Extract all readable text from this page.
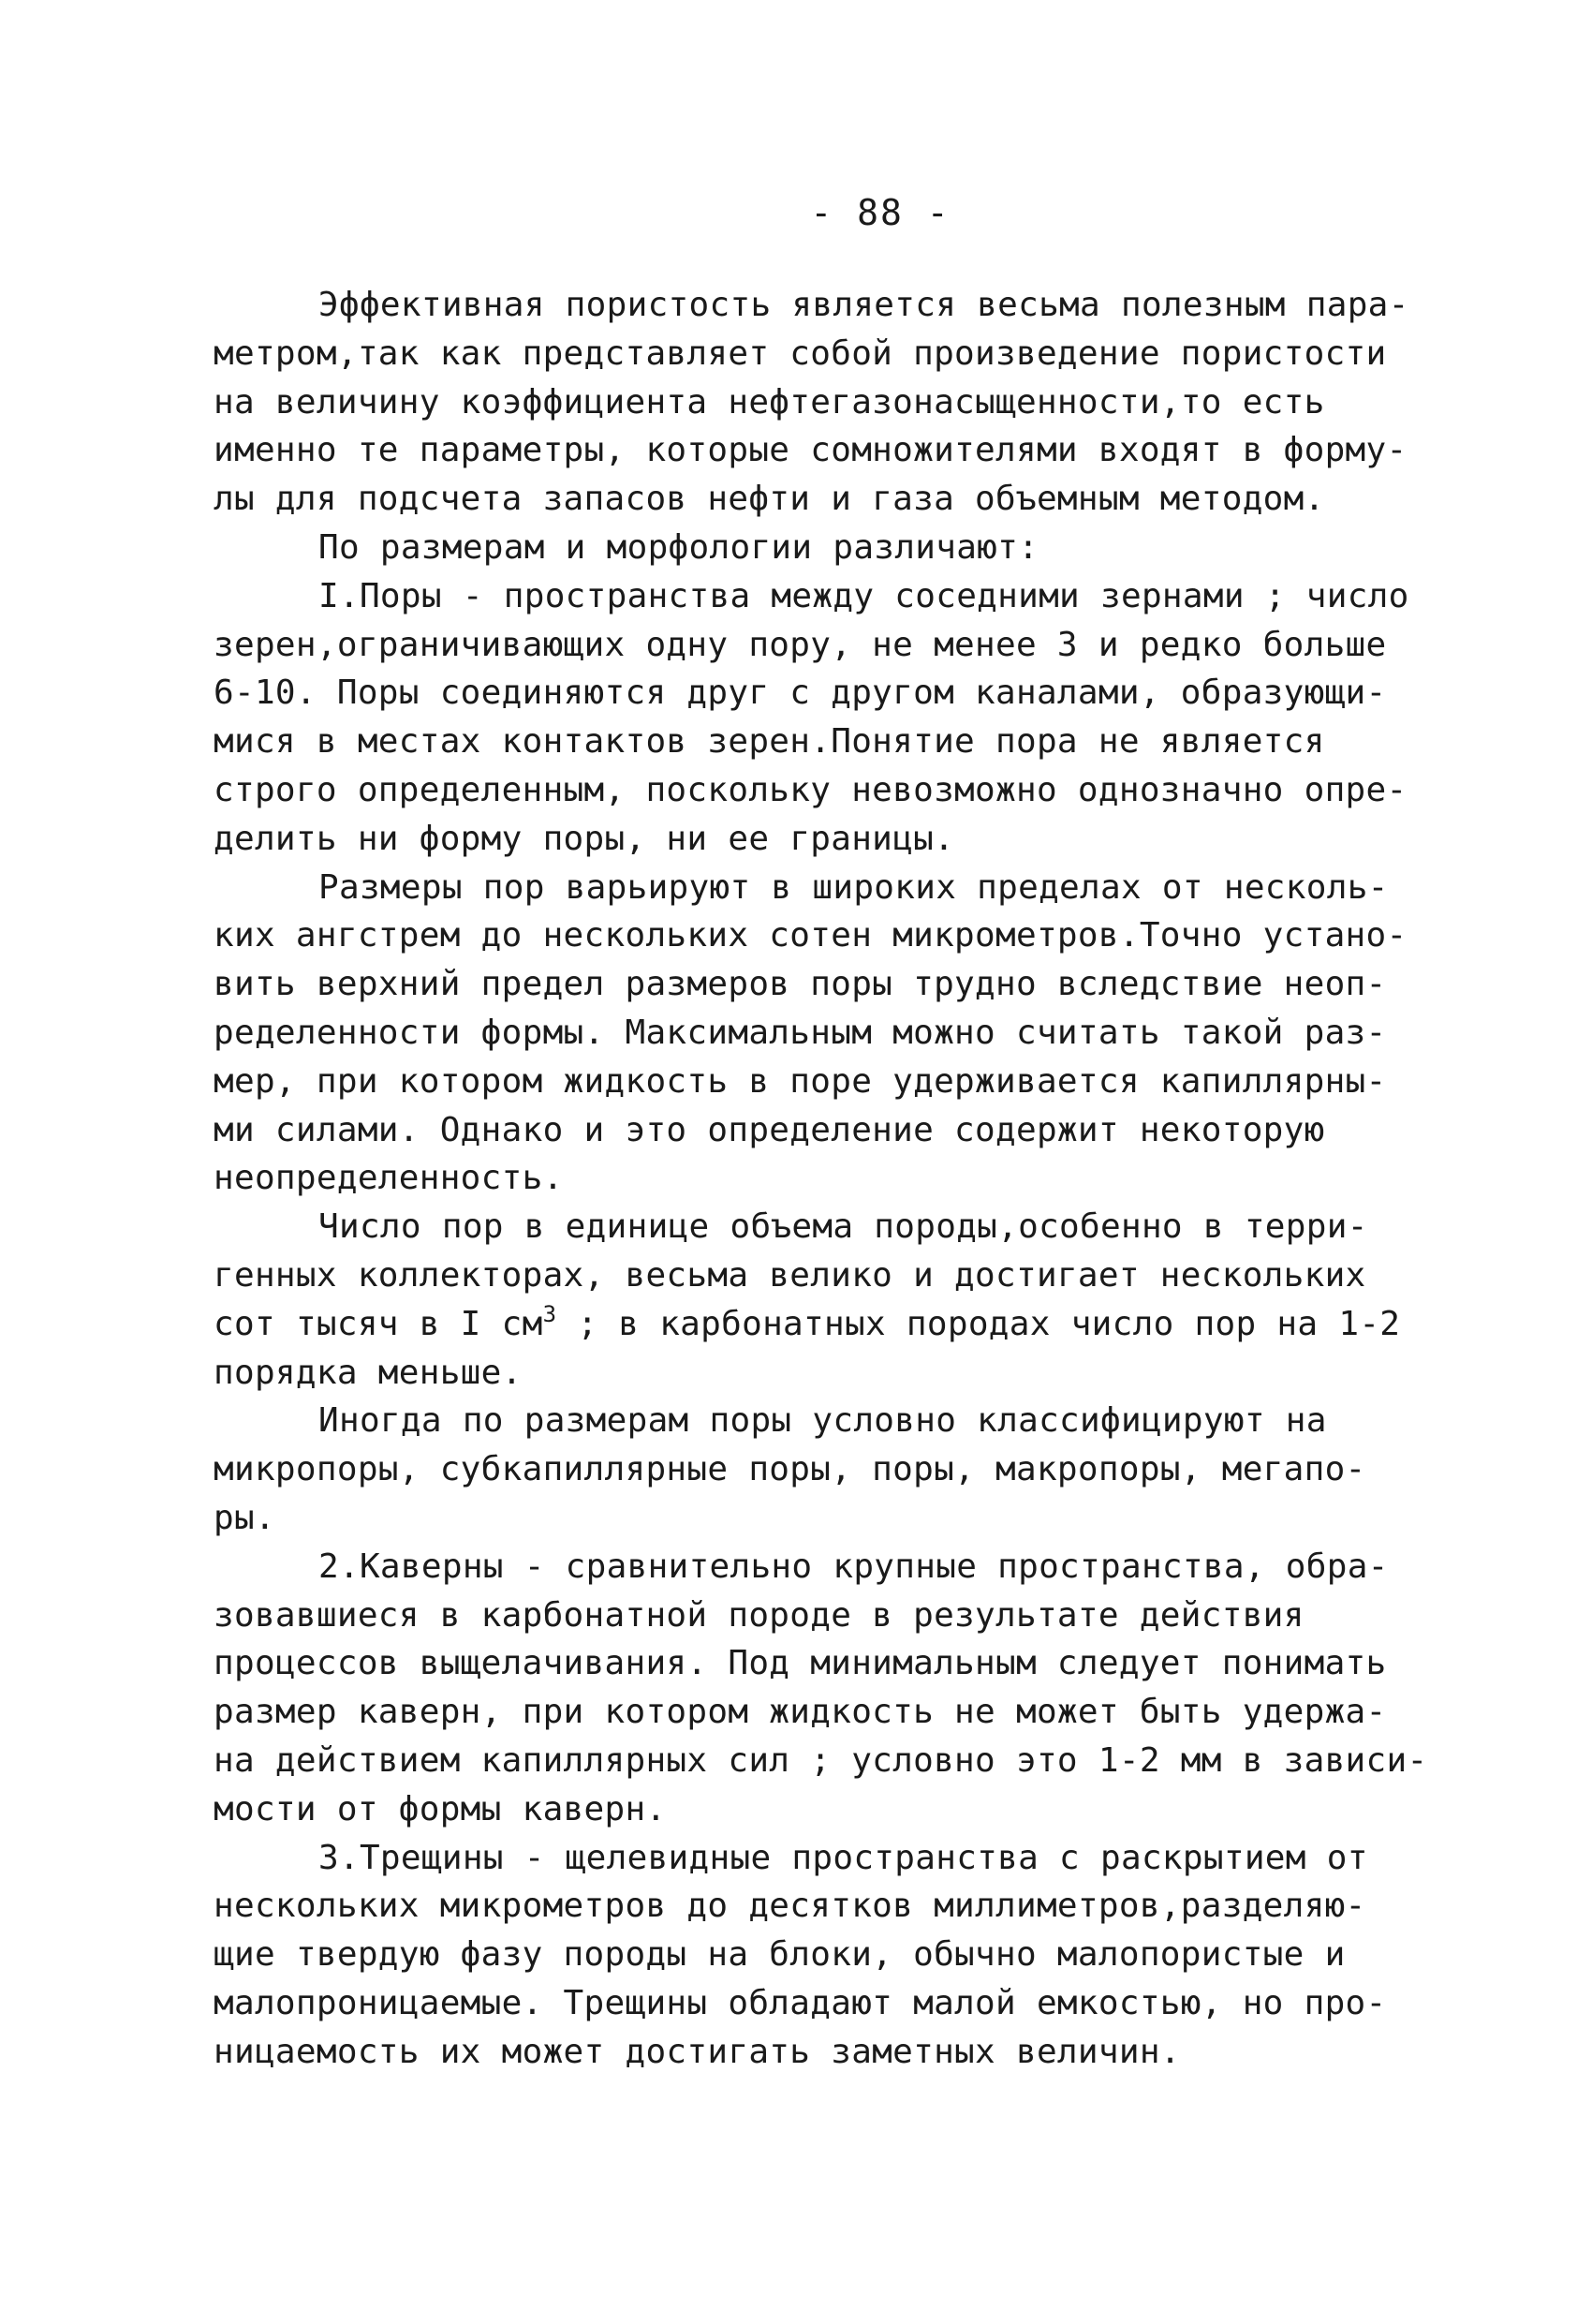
- 88 -
Эффективная пористость является весьма полезным пара-
метром,так как представляет собой произведение пористости
на величину коэффициента нефтегазонасыщенности,то есть
именно те параметры, которые сомножителями входят в форму-
лы для подсчета запасов нефти и газа объемным методом.
По размерам и морфологии различают:
I.Поры - пространства между соседними зернами ; число
зерен,ограничивающих одну пору, не менее 3 и редко больше
6-10. Поры соединяются друг с другом каналами, образующи-
мися в местах контактов зерен.Понятие пора не является
строго определенным, поскольку невозможно однозначно опре-
делить ни форму поры, ни ее границы.
Размеры пор варьируют в широких пределах от несколь-
ких ангстрем до нескольких сотен микрометров.Точно устано-
вить верхний предел размеров поры трудно вследствие неоп-
ределенности формы. Максимальным можно считать такой раз-
мер, при котором жидкость в поре удерживается капиллярны-
ми силами. Однако и это определение содержит некоторую
неопределенность.
Число пор в единице объема породы,особенно в терри-
генных коллекторах, весьма велико и достигает нескольких
сот тысяч в I $см^3$ ; в карбонатных породах число пор на 1-2
порядка меньше.
Иногда по размерам поры условно классифицируют на
микропоры, субкапиллярные поры, поры, макропоры, мегапо-
ры.
2.Каверны - сравнительно крупные пространства, обра-
зовавшиеся в карбонатной породе в результате действия
процессов выщелачивания. Под минимальным следует понимать
размер каверн, при котором жидкость не может быть удержа-
на действием капиллярных сил ; условно это 1-2 мм в зависи-
мости от формы каверн.
3.Трещины - щелевидные пространства с раскрытием от
нескольких микрометров до десятков миллиметров,разделяю-
щие твердую фазу породы на блоки, обычно малопористые и
малопроницаемые. Трещины обладают малой емкостью, но про-
ницаемость их может достигать заметных величин.
